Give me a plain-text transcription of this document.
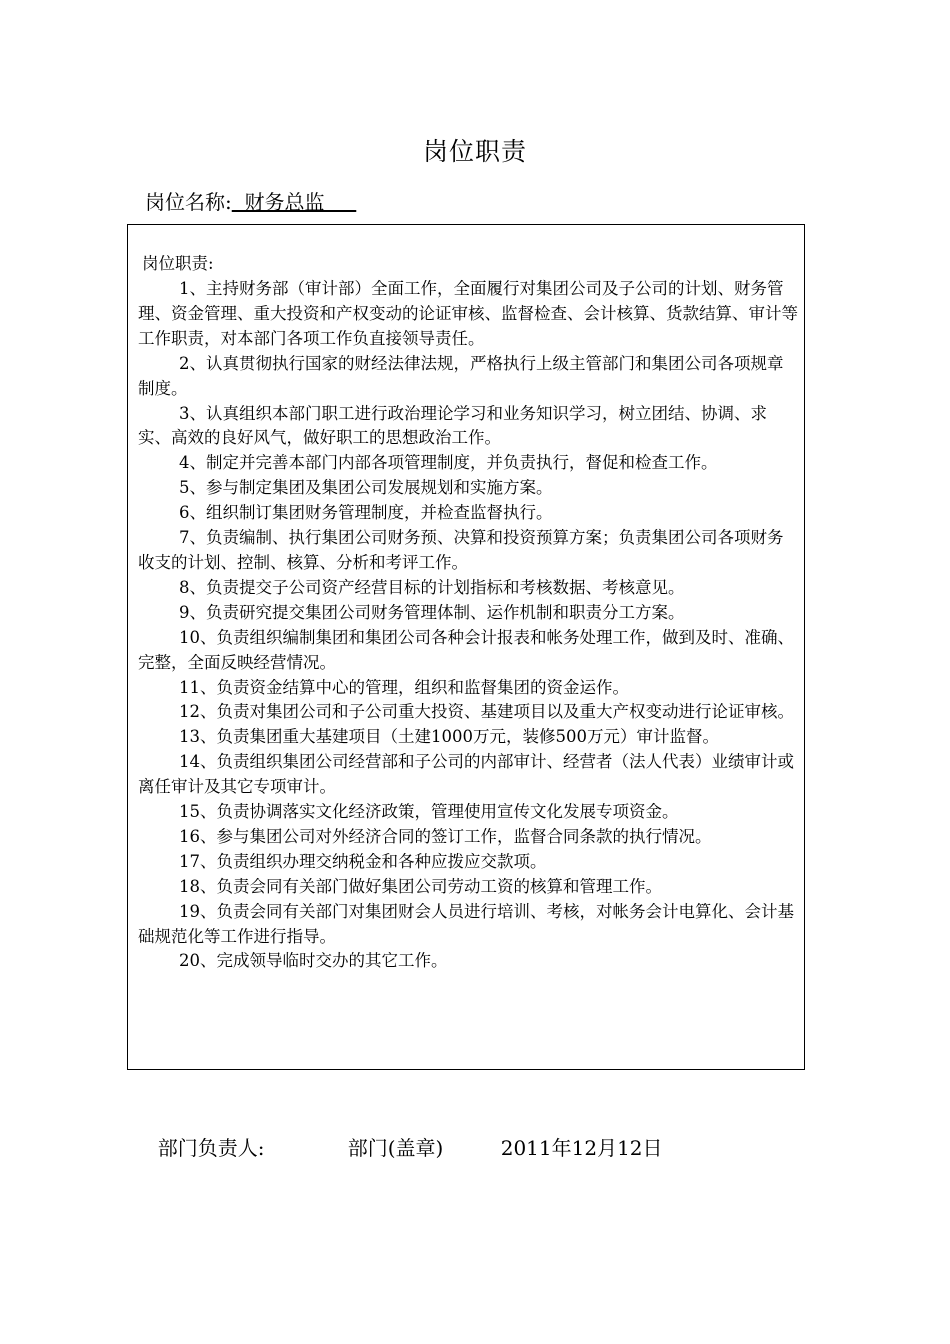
岗位职责
岗位名称:  财务总监
岗位职责:

1、主持财务部（审计部）全面工作，全面履行对集团公司及子公司的计划、财务管理、资金管理、重大投资和产权变动的论证审核、监督检查、会计核算、货款结算、审计等工作职责，对本部门各项工作负直接领导责任。

2、认真贯彻执行国家的财经法律法规，严格执行上级主管部门和集团公司各项规章制度。

3、认真组织本部门职工进行政治理论学习和业务知识学习，树立团结、协调、求实、高效的良好风气，做好职工的思想政治工作。

4、制定并完善本部门内部各项管理制度，并负责执行，督促和检查工作。

5、参与制定集团及集团公司发展规划和实施方案。

6、组织制订集团财务管理制度，并检查监督执行。

7、负责编制、执行集团公司财务预、决算和投资预算方案；负责集团公司各项财务收支的计划、控制、核算、分析和考评工作。

8、负责提交子公司资产经营目标的计划指标和考核数据、考核意见。

9、负责研究提交集团公司财务管理体制、运作机制和职责分工方案。

10、负责组织编制集团和集团公司各种会计报表和帐务处理工作，做到及时、准确、完整，全面反映经营情况。

11、负责资金结算中心的管理，组织和监督集团的资金运作。

12、负责对集团公司和子公司重大投资、基建项目以及重大产权变动进行论证审核。

13、负责集团重大基建项目（土建1000万元，装修500万元）审计监督。

14、负责组织集团公司经营部和子公司的内部审计、经营者（法人代表）业绩审计或离任审计及其它专项审计。

15、负责协调落实文化经济政策，管理使用宣传文化发展专项资金。

16、参与集团公司对外经济合同的签订工作，监督合同条款的执行情况。

17、负责组织办理交纳税金和各种应拨应交款项。

18、负责会同有关部门做好集团公司劳动工资的核算和管理工作。

19、负责会同有关部门对集团财会人员进行培训、考核，对帐务会计电算化、会计基础规范化等工作进行指导。

20、完成领导临时交办的其它工作。

部门负责人:	部门(盖章)	2011年12月12日
